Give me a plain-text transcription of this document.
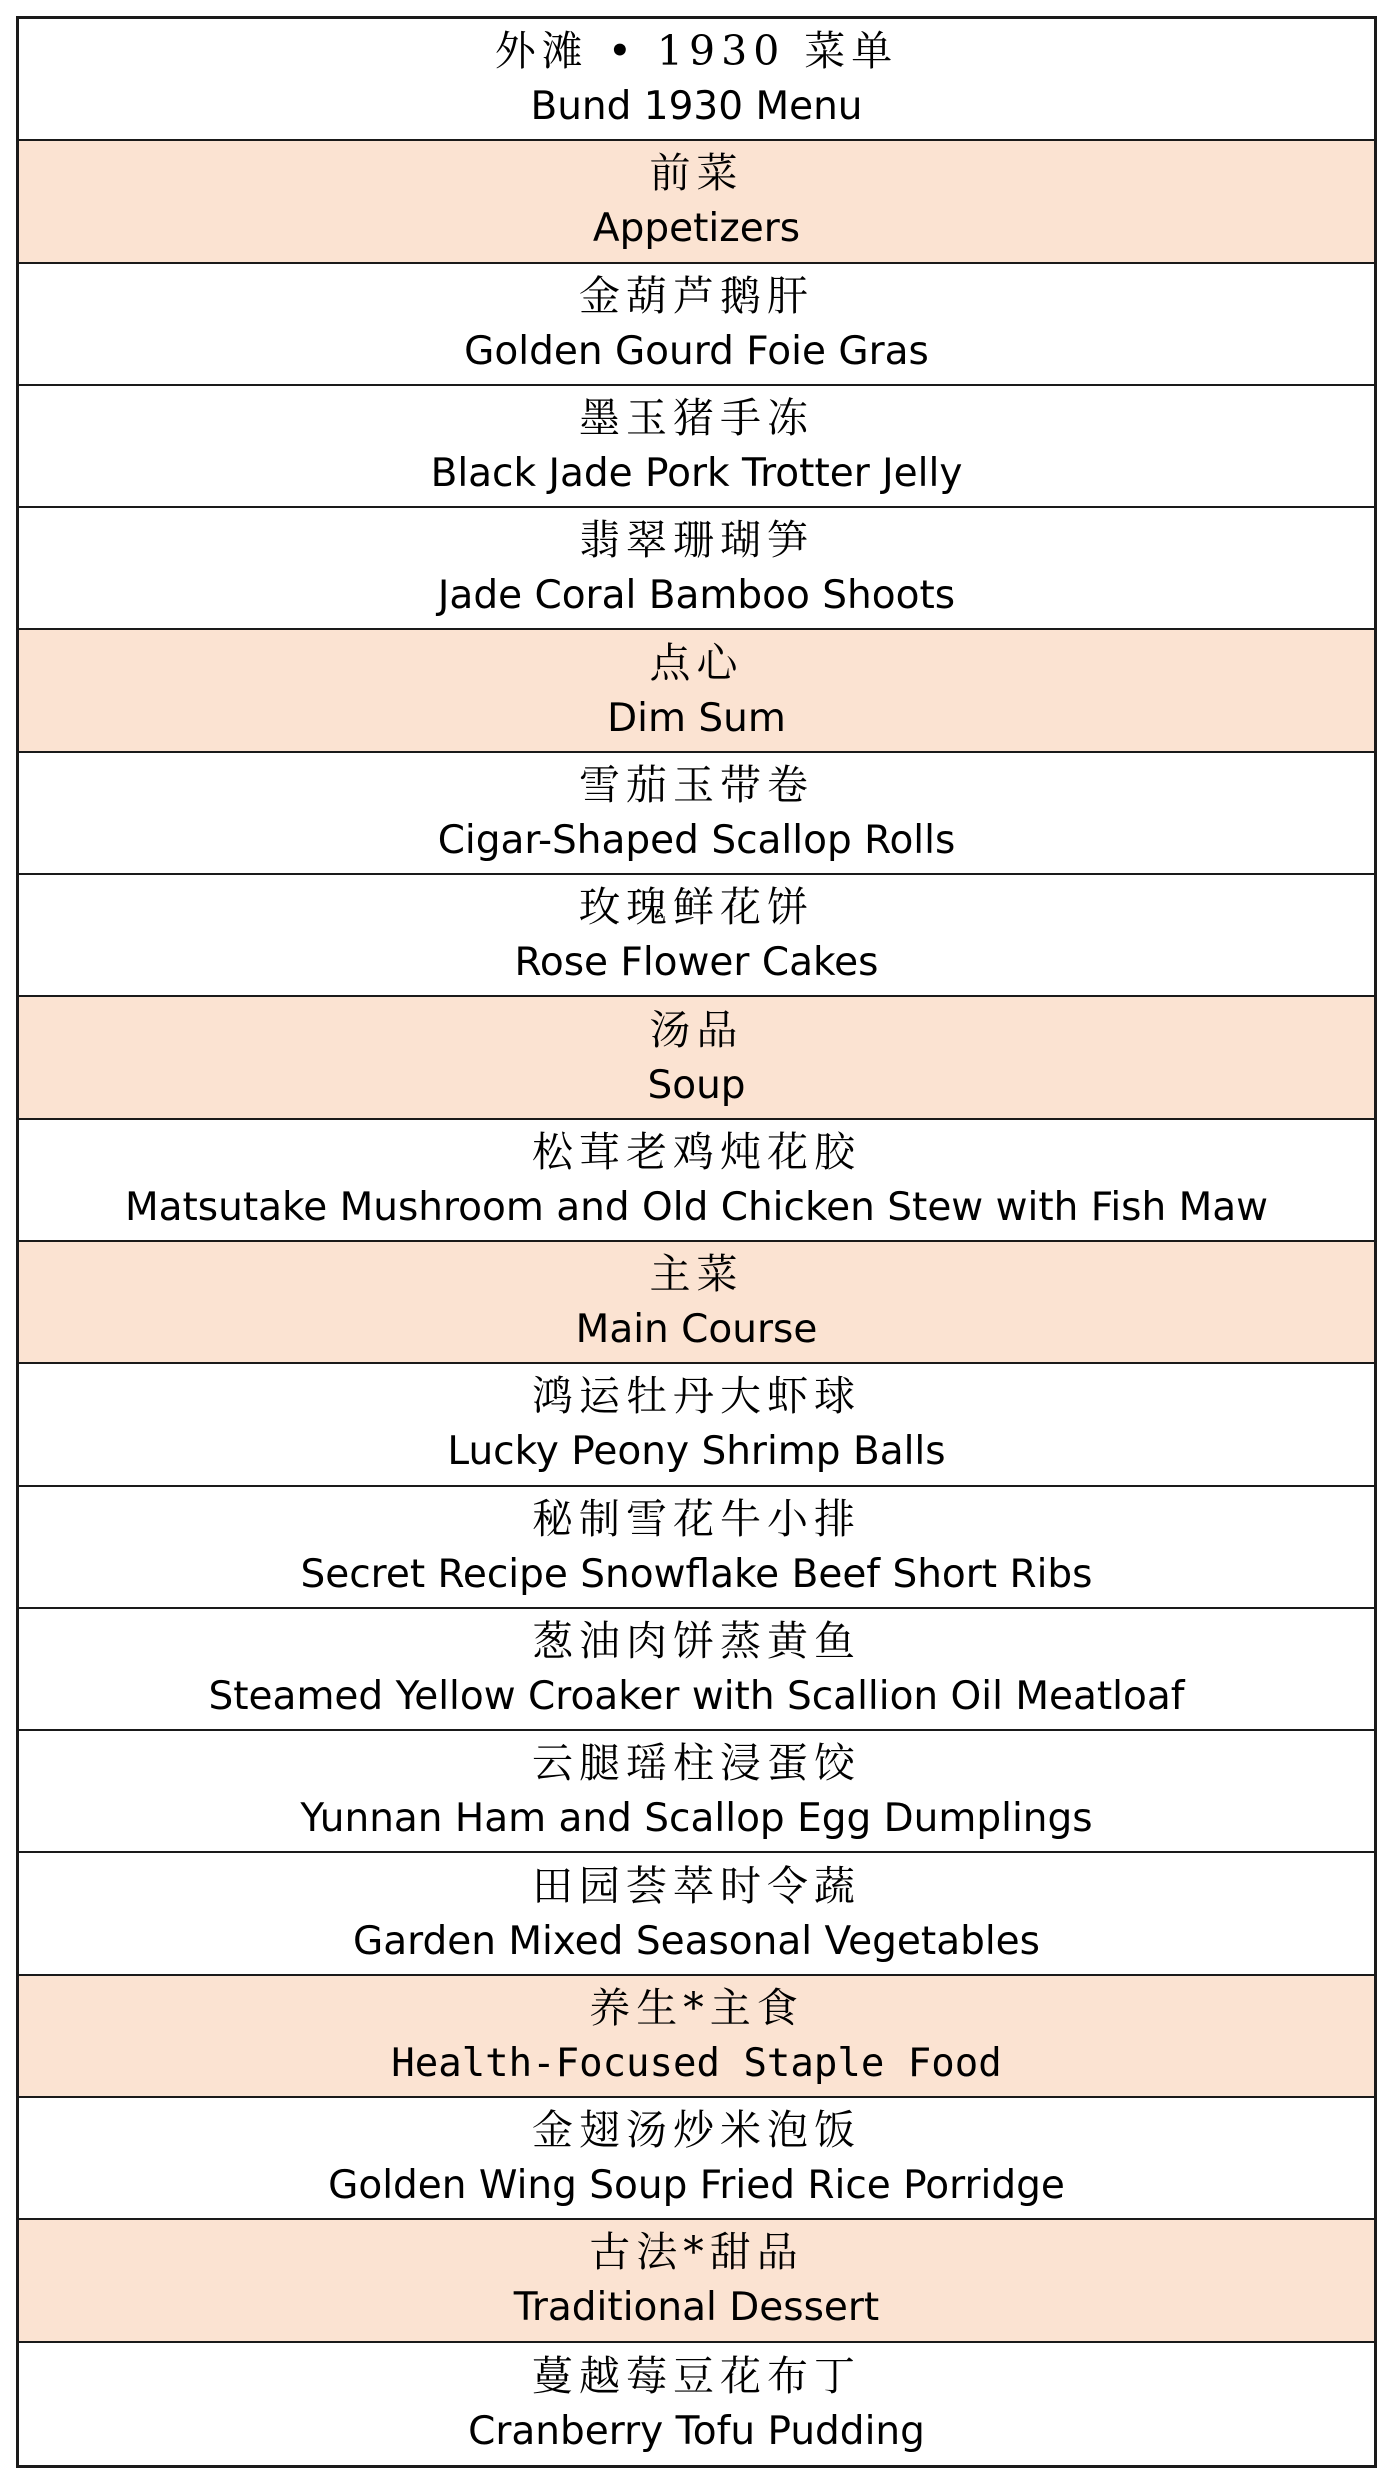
外滩 • 1930 菜单
Bund 1930 Menu
前菜
Appetizers
金葫芦鹅肝
Golden Gourd Foie Gras
墨玉猪手冻
Black Jade Pork Trotter Jelly
翡翠珊瑚笋
Jade Coral Bamboo Shoots
点心
Dim Sum
雪茄玉带卷
Cigar-Shaped Scallop Rolls
玫瑰鲜花饼
Rose Flower Cakes
汤品
Soup
松茸老鸡炖花胶
Matsutake Mushroom and Old Chicken Stew with Fish Maw
主菜
Main Course
鸿运牡丹大虾球
Lucky Peony Shrimp Balls
秘制雪花牛小排
Secret Recipe Snowflake Beef Short Ribs
葱油肉饼蒸黄鱼
Steamed Yellow Croaker with Scallion Oil Meatloaf
云腿瑶柱浸蛋饺
Yunnan Ham and Scallop Egg Dumplings
田园荟萃时令蔬
Garden Mixed Seasonal Vegetables
养生*主食
Health-Focused Staple Food
金翅汤炒米泡饭
Golden Wing Soup Fried Rice Porridge
古法*甜品
Traditional Dessert
蔓越莓豆花布丁
Cranberry Tofu Pudding
